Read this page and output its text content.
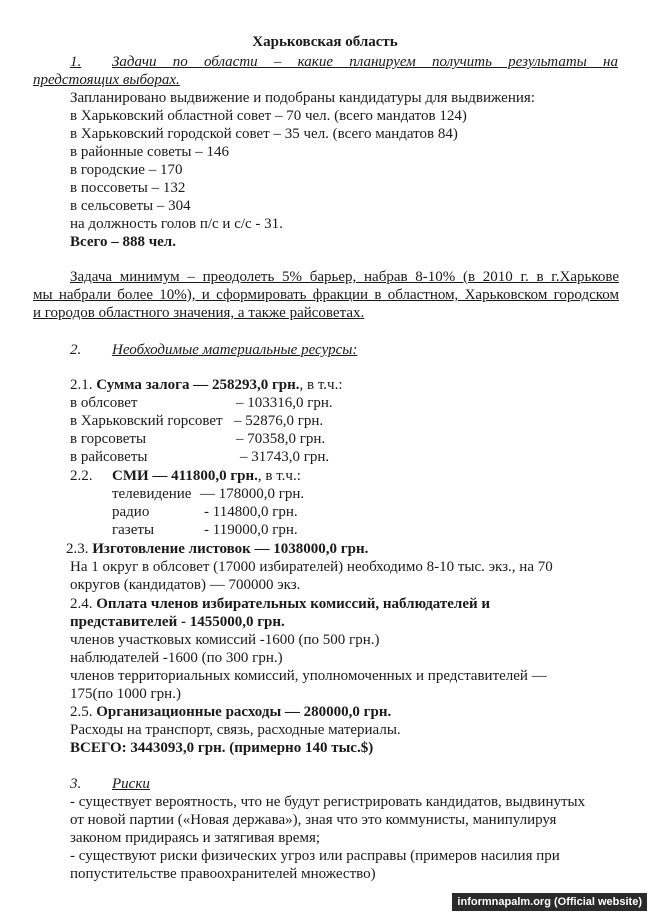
Харьковская область
1. Задачи по области – какие планируем получить результаты на
предстоящих выборах.
Запланировано выдвижение и подобраны кандидатуры для выдвижения:
в Харьковский областной совет – 70 чел. (всего мандатов 124)
в Харьковский городской совет – 35 чел. (всего мандатов 84)
в районные советы – 146
в городские – 170
в поссоветы – 132
в сельсоветы – 304
на должность голов п/с и с/с - 31.
Всего – 888 чел.
Задача минимум – преодолеть 5% барьер, набрав 8-10% (в 2010 г. в г.Харькове
мы набрали более 10%), и сформировать фракции в областном, Харьковском городском
и городов областного значения, а также райсоветах.
2. Необходимые материальные ресурсы:
2.1. Сумма залога — 258293,0 грн., в т.ч.:
в облсовет	– 103316,0 грн.
в Харьковский горсовет – 52876,0 грн.
в горсоветы	– 70358,0 грн.
в райсоветы	– 31743,0 грн.
2.2. СМИ — 411800,0 грн., в т.ч.:
телевидение — 178000,0 грн.
радио	- 114800,0 грн.
газеты	- 119000,0 грн.
2.3. Изготовление листовок — 1038000,0 грн.
На 1 округ в облсовет (17000 избирателей) необходимо 8-10 тыс. экз., на 70
округов (кандидатов) — 700000 экз.
2.4. Оплата членов избирательных комиссий, наблюдателей и
представителей - 1455000,0 грн.
членов участковых комиссий -1600 (по 500 грн.)
наблюдателей -1600 (по 300 грн.)
членов территориальных комиссий, уполномоченных и представителей —
175(по 1000 грн.)
2.5. Организационные расходы — 280000,0 грн.
Расходы на транспорт, связь, расходные материалы.
ВСЕГО: 3443093,0 грн. (примерно 140 тыс.$)
3. Риски
- существует вероятность, что не будут регистрировать кандидатов, выдвинутых
от новой партии («Новая держава»), зная что это коммунисты, манипулируя
законом придираясь и затягивая время;
- существуют риски физических угроз или расправы (примеров насилия при
попустительстве правоохранителей множество)
informnapalm.org (Official website)
